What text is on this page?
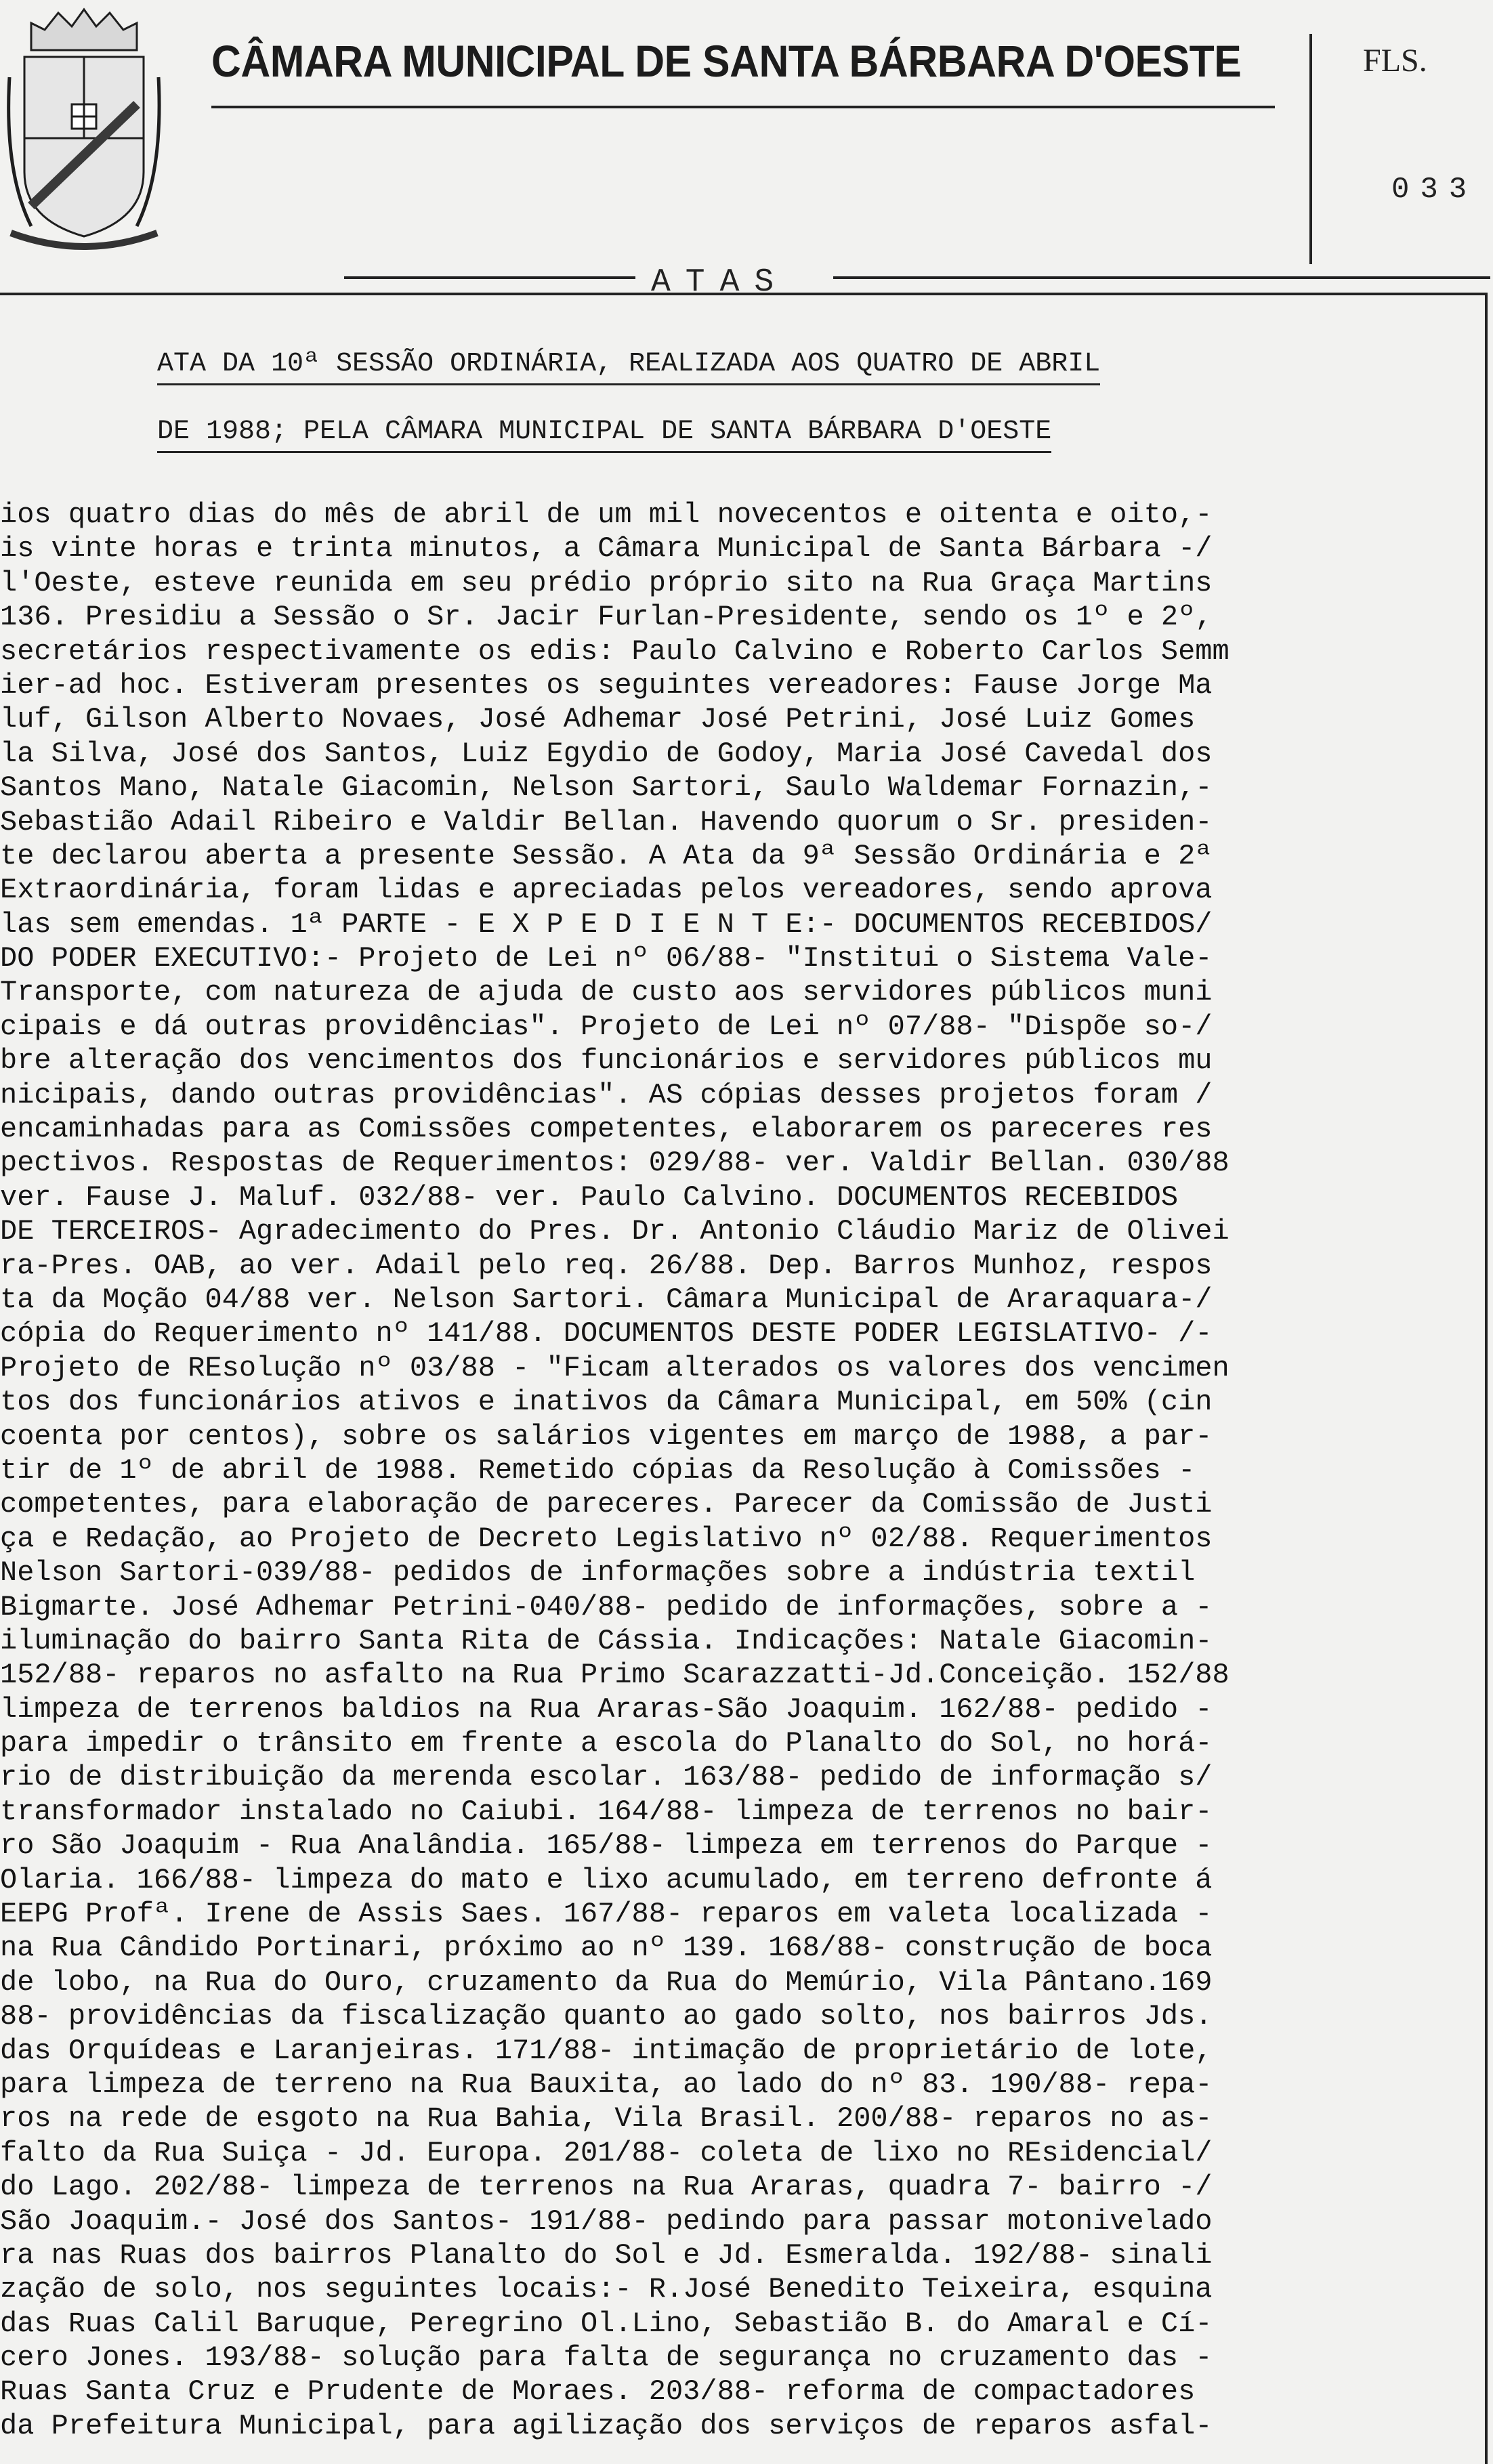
CÂMARA MUNICIPAL DE SANTA BÁRBARA D'OESTE	FLS.
033
ATAS
ATA DA 10ª SESSÃO ORDINÁRIA, REALIZADA AOS QUATRO DE ABRIL
DE 1988; PELA CÂMARA MUNICIPAL DE SANTA BÁRBARA D'OESTE
ios quatro dias do mês de abril de um mil novecentos e oitenta e oito,-
is vinte horas e trinta minutos, a Câmara Municipal de Santa Bárbara -/
l'Oeste, esteve reunida em seu prédio próprio sito na Rua Graça Martins
136. Presidiu a Sessão o Sr. Jacir Furlan-Presidente, sendo os 1º e 2º,
secretários respectivamente os edis: Paulo Calvino e Roberto Carlos Semm
ier-ad hoc. Estiveram presentes os seguintes vereadores: Fause Jorge Ma
luf, Gilson Alberto Novaes, José Adhemar José Petrini, José Luiz Gomes
la Silva, José dos Santos, Luiz Egydio de Godoy, Maria José Cavedal dos
Santos Mano, Natale Giacomin, Nelson Sartori, Saulo Waldemar Fornazin,-
Sebastião Adail Ribeiro e Valdir Bellan. Havendo quorum o Sr. presiden-
te declarou aberta a presente Sessão. A Ata da 9ª Sessão Ordinária e 2ª
Extraordinária, foram lidas e apreciadas pelos vereadores, sendo aprova
las sem emendas. 1ª PARTE - E X P E D I E N T E:- DOCUMENTOS RECEBIDOS/
DO PODER EXECUTIVO:- Projeto de Lei nº 06/88- "Institui o Sistema Vale-
Transporte, com natureza de ajuda de custo aos servidores públicos muni
cipais e dá outras providências". Projeto de Lei nº 07/88- "Dispõe so-/
bre alteração dos vencimentos dos funcionários e servidores públicos mu
nicipais, dando outras providências". AS cópias desses projetos foram /
encaminhadas para as Comissões competentes, elaborarem os pareceres res
pectivos. Respostas de Requerimentos: 029/88- ver. Valdir Bellan. 030/88
ver. Fause J. Maluf. 032/88- ver. Paulo Calvino. DOCUMENTOS RECEBIDOS
DE TERCEIROS- Agradecimento do Pres. Dr. Antonio Cláudio Mariz de Olivei
ra-Pres. OAB, ao ver. Adail pelo req. 26/88. Dep. Barros Munhoz, respos
ta da Moção 04/88 ver. Nelson Sartori. Câmara Municipal de Araraquara-/
cópia do Requerimento nº 141/88. DOCUMENTOS DESTE PODER LEGISLATIVO- /-
Projeto de REsolução nº 03/88 - "Ficam alterados os valores dos vencimen
tos dos funcionários ativos e inativos da Câmara Municipal, em 50% (cin
coenta por centos), sobre os salários vigentes em março de 1988, a par-
tir de 1º de abril de 1988. Remetido cópias da Resolução à Comissões -
competentes, para elaboração de pareceres. Parecer da Comissão de Justi
ça e Redação, ao Projeto de Decreto Legislativo nº 02/88. Requerimentos
Nelson Sartori-039/88- pedidos de informações sobre a indústria textil
Bigmarte. José Adhemar Petrini-040/88- pedido de informações, sobre a -
iluminação do bairro Santa Rita de Cássia. Indicações: Natale Giacomin-
152/88- reparos no asfalto na Rua Primo Scarazzatti-Jd.Conceição. 152/88
limpeza de terrenos baldios na Rua Araras-São Joaquim. 162/88- pedido -
para impedir o trânsito em frente a escola do Planalto do Sol, no horá-
rio de distribuição da merenda escolar. 163/88- pedido de informação s/
transformador instalado no Caiubi. 164/88- limpeza de terrenos no bair-
ro São Joaquim - Rua Analândia. 165/88- limpeza em terrenos do Parque -
Olaria. 166/88- limpeza do mato e lixo acumulado, em terreno defronte á
EEPG Profª. Irene de Assis Saes. 167/88- reparos em valeta localizada -
na Rua Cândido Portinari, próximo ao nº 139. 168/88- construção de boca
de lobo, na Rua do Ouro, cruzamento da Rua do Memúrio, Vila Pântano.169
88- providências da fiscalização quanto ao gado solto, nos bairros Jds.
das Orquídeas e Laranjeiras. 171/88- intimação de proprietário de lote,
para limpeza de terreno na Rua Bauxita, ao lado do nº 83. 190/88- repa-
ros na rede de esgoto na Rua Bahia, Vila Brasil. 200/88- reparos no as-
falto da Rua Suiça - Jd. Europa. 201/88- coleta de lixo no REsidencial/
do Lago. 202/88- limpeza de terrenos na Rua Araras, quadra 7- bairro -/
São Joaquim.- José dos Santos- 191/88- pedindo para passar motonivelado
ra nas Ruas dos bairros Planalto do Sol e Jd. Esmeralda. 192/88- sinali
zação de solo, nos seguintes locais:- R.José Benedito Teixeira, esquina
das Ruas Calil Baruque, Peregrino Ol.Lino, Sebastião B. do Amaral e Cí-
cero Jones. 193/88- solução para falta de segurança no cruzamento das -
Ruas Santa Cruz e Prudente de Moraes. 203/88- reforma de compactadores
da Prefeitura Municipal, para agilização dos serviços de reparos asfal-
